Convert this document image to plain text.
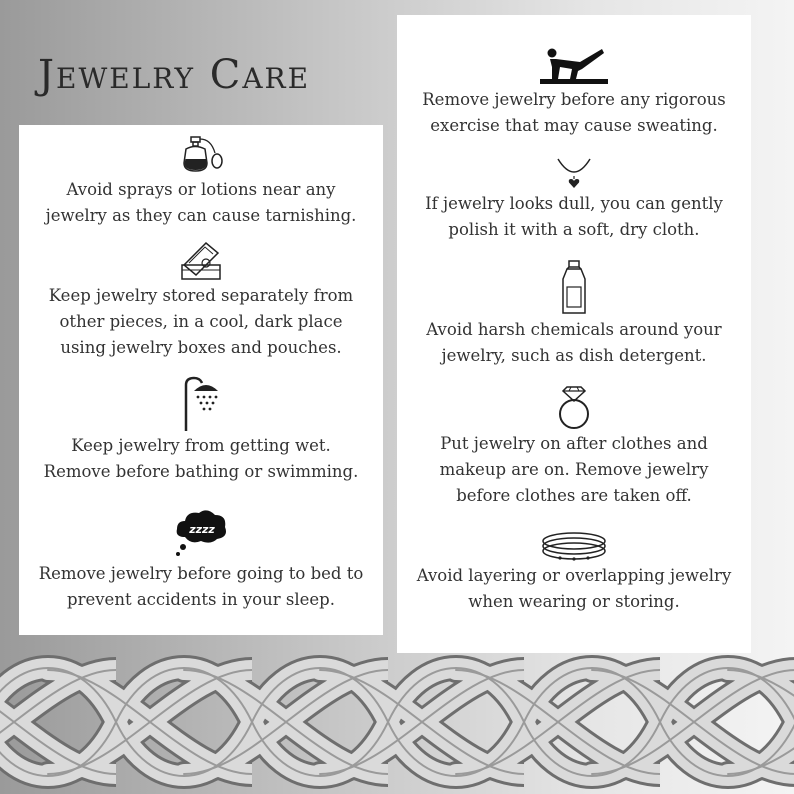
Jewelry Care

Avoid sprays or lotions near any

jewelry as they can cause tarnishing.

Keep jewelry stored separately from

other pieces, in a cool, dark place

using jewelry boxes and pouches.

Keep jewelry from getting wet.

Remove before bathing or swimming.

zzzz

Remove jewelry before going to bed to

prevent accidents in your sleep.

Remove jewelry before any rigorous

exercise that may cause sweating.

If jewelry looks dull, you can gently

polish it with a soft, dry cloth.

Avoid harsh chemicals around your

jewelry, such as dish detergent.

Put jewelry on after clothes and

makeup are on. Remove jewelry

before clothes are taken off.

Avoid layering or overlapping jewelry

when wearing or storing.
